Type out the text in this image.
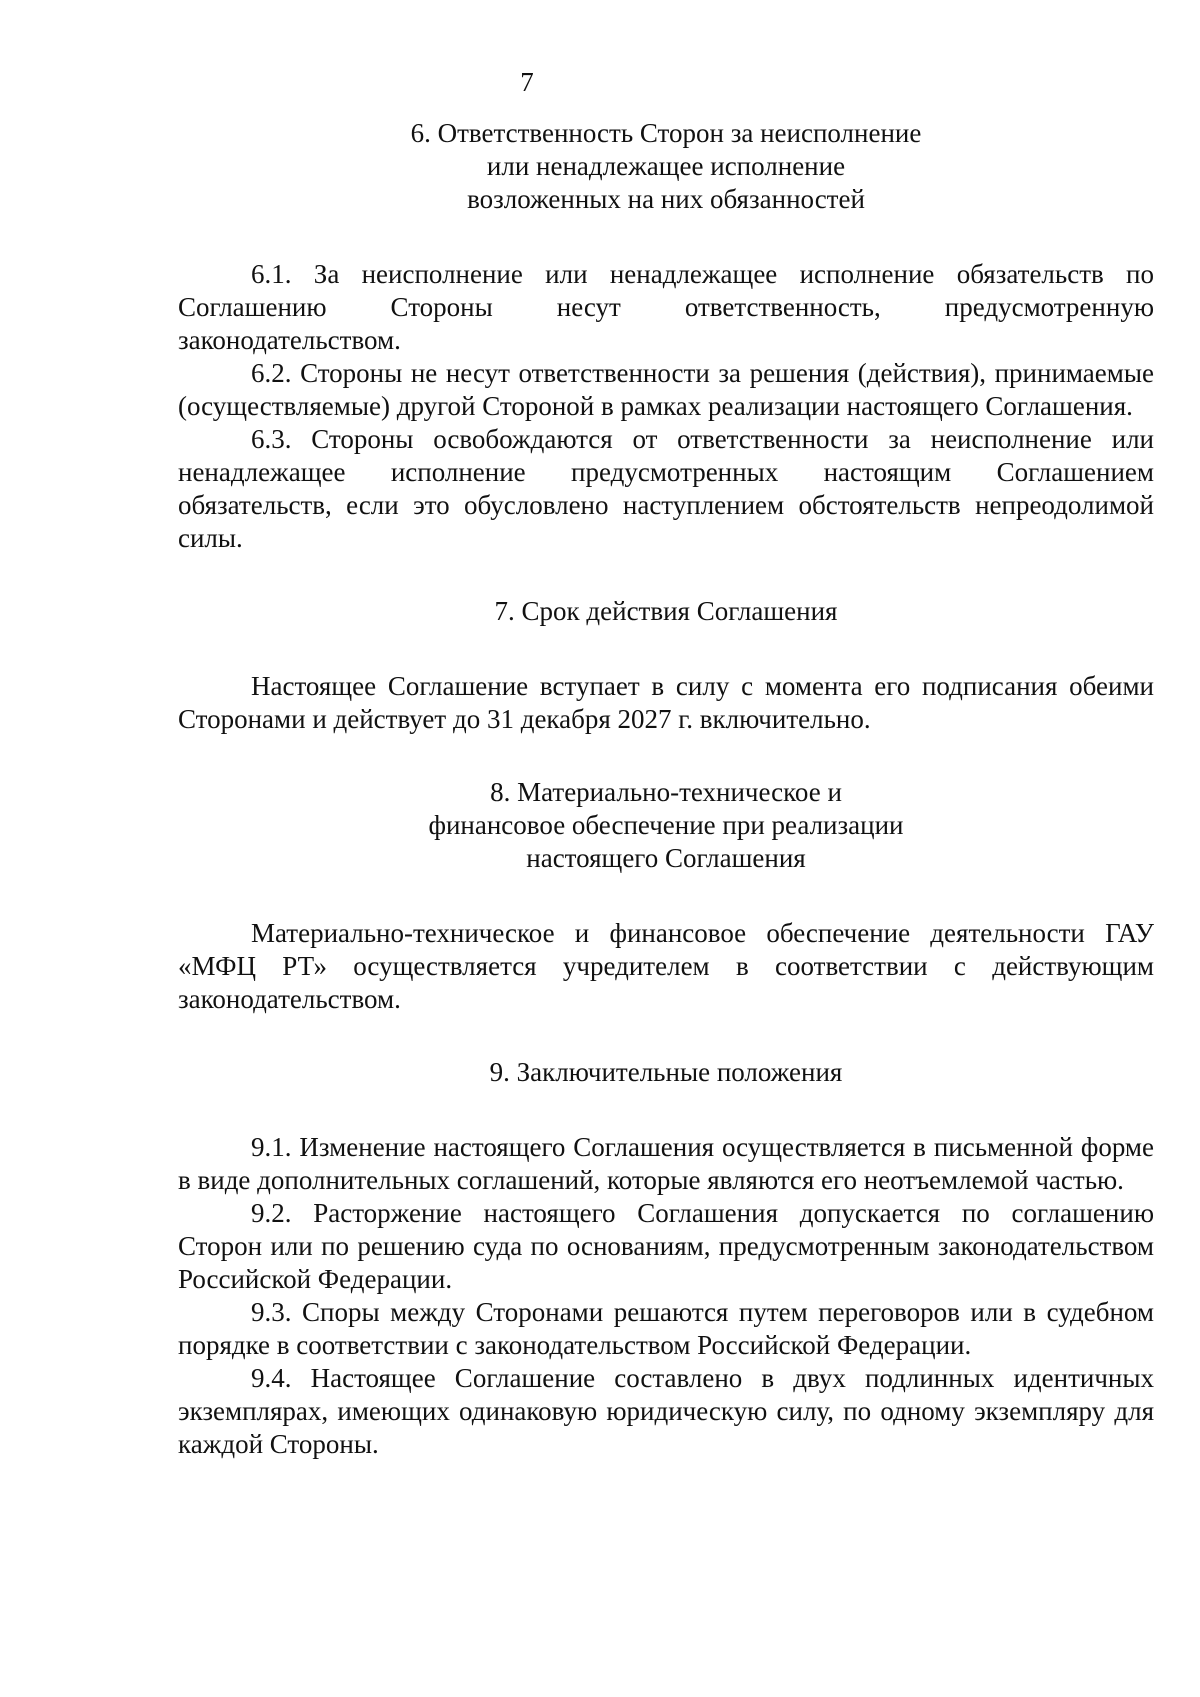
7
6. Ответственность Сторон за неисполнение
или ненадлежащее исполнение
возложенных на них обязанностей

6.1. За неисполнение или ненадлежащее исполнение обязательств по Соглашению Стороны несут ответственность, предусмотренную законодательством.

6.2. Стороны не несут ответственности за решения (действия), принимаемые (осуществляемые) другой Стороной в рамках реализации настоящего Соглашения.

6.3. Стороны освобождаются от ответственности за неисполнение или ненадлежащее исполнение предусмотренных настоящим Соглашением обязательств, если это обусловлено наступлением обстоятельств непреодолимой силы.

7. Срок действия Соглашения

Настоящее Соглашение вступает в силу с момента его подписания обеими Сторонами и действует до 31 декабря 2027 г. включительно.

8. Материально-техническое и
финансовое обеспечение при реализации
настоящего Соглашения

Материально-техническое и финансовое обеспечение деятельности ГАУ «МФЦ РТ» осуществляется учредителем в соответствии с действующим законодательством.

9. Заключительные положения

9.1. Изменение настоящего Соглашения осуществляется в письменной форме в виде дополнительных соглашений, которые являются его неотъемлемой частью.

9.2. Расторжение настоящего Соглашения допускается по соглашению Сторон или по решению суда по основаниям, предусмотренным законодательством Российской Федерации.

9.3. Споры между Сторонами решаются путем переговоров или в судебном порядке в соответствии с законодательством Российской Федерации.

9.4. Настоящее Соглашение составлено в двух подлинных идентичных экземплярах, имеющих одинаковую юридическую силу, по одному экземпляру для каждой Стороны.
